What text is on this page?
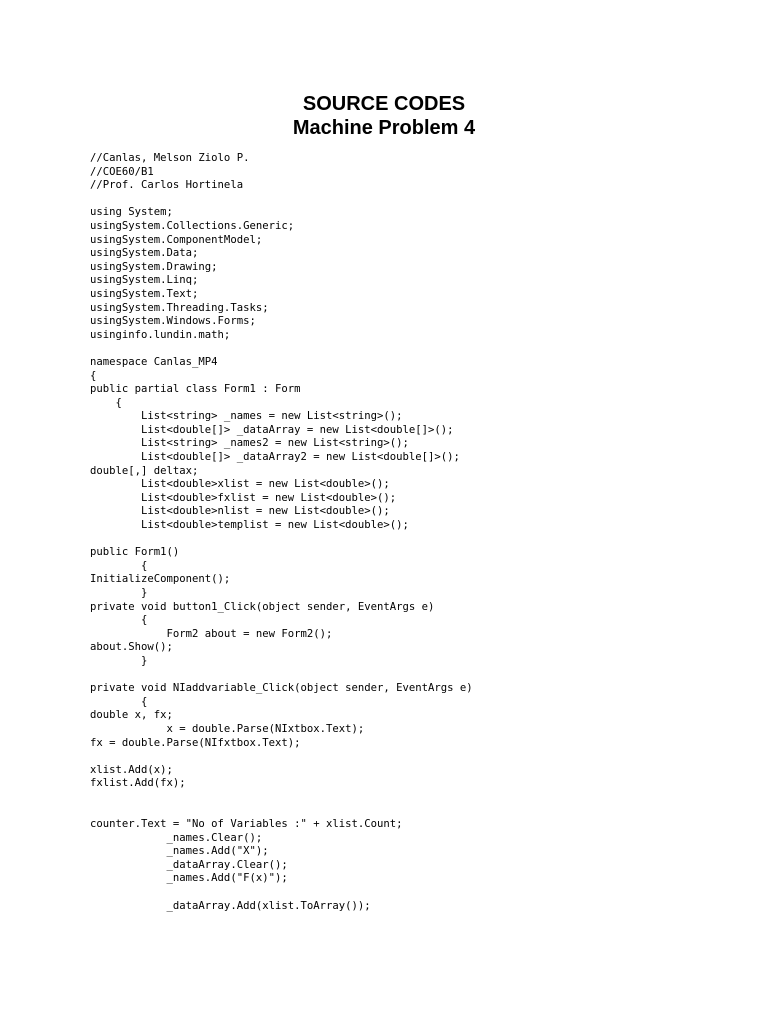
SOURCE CODES
Machine Problem 4
//Canlas, Melson Ziolo P.
//COE60/B1
//Prof. Carlos Hortinela
using System;
usingSystem.Collections.Generic;
usingSystem.ComponentModel;
usingSystem.Data;
usingSystem.Drawing;
usingSystem.Linq;
usingSystem.Text;
usingSystem.Threading.Tasks;
usingSystem.Windows.Forms;
usinginfo.lundin.math;
namespace Canlas_MP4
{
public partial class Form1 : Form
{
List<string> _names = new List<string>();
List<double[]> _dataArray = new List<double[]>();
List<string> _names2 = new List<string>();
List<double[]> _dataArray2 = new List<double[]>();
double[,] deltax;
List<double>xlist = new List<double>();
List<double>fxlist = new List<double>();
List<double>nlist = new List<double>();
List<double>templist = new List<double>();
public Form1()
{
InitializeComponent();
}
private void button1_Click(object sender, EventArgs e)
{
Form2 about = new Form2();
about.Show();
}
private void NIaddvariable_Click(object sender, EventArgs e)
{
double x, fx;
x = double.Parse(NIxtbox.Text);
fx = double.Parse(NIfxtbox.Text);
xlist.Add(x);
fxlist.Add(fx);
counter.Text = "No of Variables :" + xlist.Count;
_names.Clear();
_names.Add("X");
_dataArray.Clear();
_names.Add("F(x)");
_dataArray.Add(xlist.ToArray());
